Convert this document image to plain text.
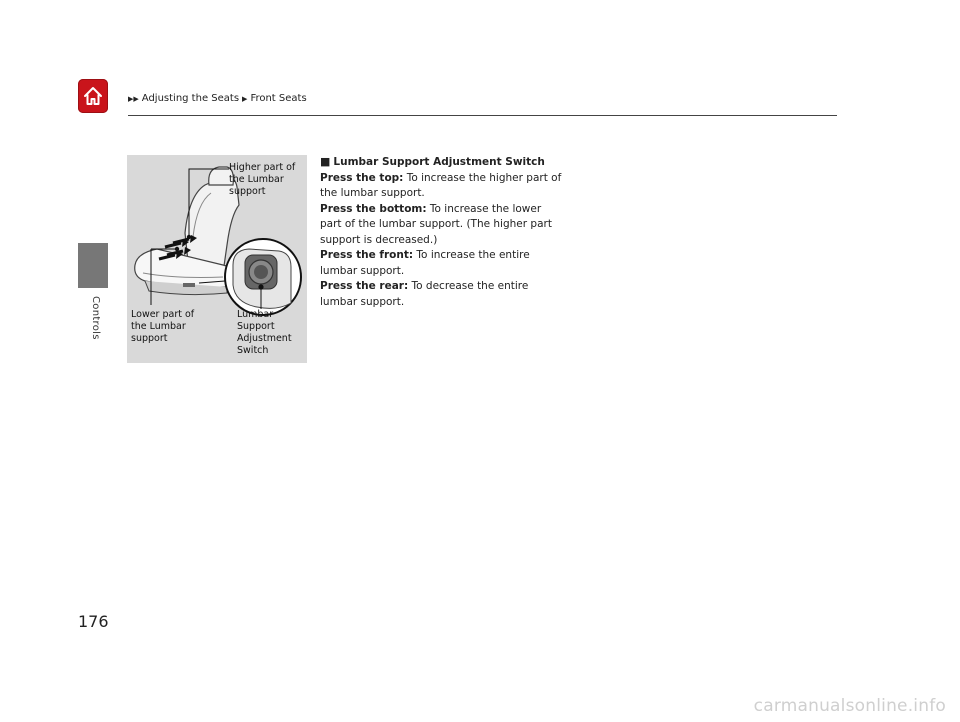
▶▶ Adjusting the Seats ▶ Front Seats
Controls
Higher part of
the Lumbar
support
Lower part of
the Lumbar
support
Lumbar
Support
Adjustment
Switch

■ Lumbar Support Adjustment Switch

Press the top: To increase the higher part of the lumbar support.

Press the bottom: To increase the lower part of the lumbar support. (The higher part support is decreased.)

Press the front: To increase the entire lumbar support.

Press the rear: To decrease the entire lumbar support.

176
carmanualsonline.info
